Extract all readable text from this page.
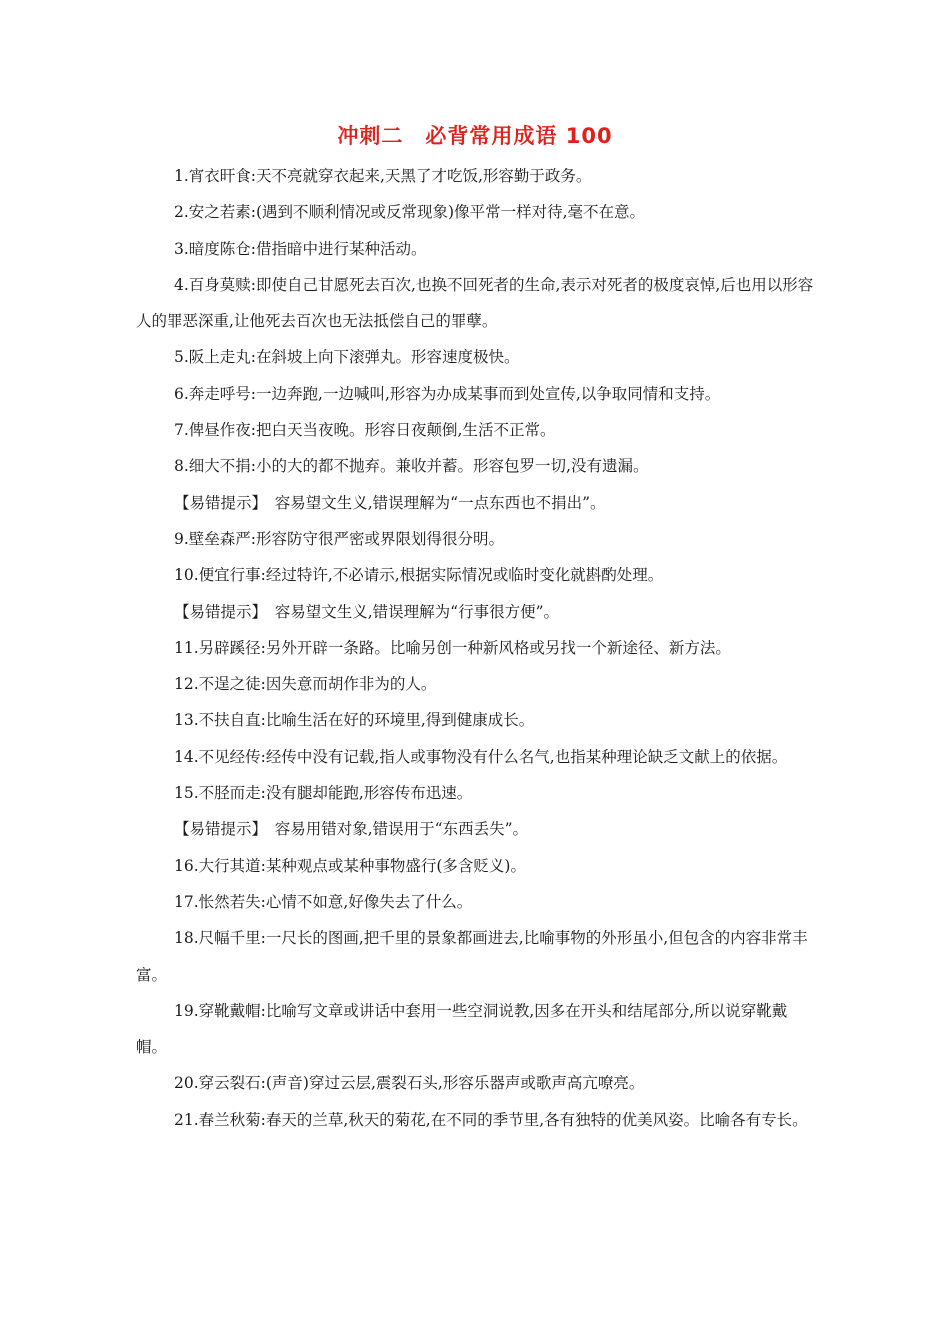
冲刺二　必背常用成语 100

1.宵衣旰食:天不亮就穿衣起来,天黑了才吃饭,形容勤于政务。

2.安之若素:(遇到不顺利情况或反常现象)像平常一样对待,毫不在意。

3.暗度陈仓:借指暗中进行某种活动。

4.百身莫赎:即使自己甘愿死去百次,也换不回死者的生命,表示对死者的极度哀悼,后也用以形容人的罪恶深重,让他死去百次也无法抵偿自己的罪孽。

5.阪上走丸:在斜坡上向下滚弹丸。形容速度极快。

6.奔走呼号:一边奔跑,一边喊叫,形容为办成某事而到处宣传,以争取同情和支持。

7.俾昼作夜:把白天当夜晚。形容日夜颠倒,生活不正常。

8.细大不捐:小的大的都不抛弃。兼收并蓄。形容包罗一切,没有遗漏。

【易错提示】　容易望文生义,错误理解为“一点东西也不捐出”。

9.壁垒森严:形容防守很严密或界限划得很分明。

10.便宜行事:经过特许,不必请示,根据实际情况或临时变化就斟酌处理。

【易错提示】　容易望文生义,错误理解为“行事很方便”。

11.另辟蹊径:另外开辟一条路。比喻另创一种新风格或另找一个新途径、新方法。

12.不逞之徒:因失意而胡作非为的人。

13.不扶自直:比喻生活在好的环境里,得到健康成长。

14.不见经传:经传中没有记载,指人或事物没有什么名气,也指某种理论缺乏文献上的依据。

15.不胫而走:没有腿却能跑,形容传布迅速。

【易错提示】　容易用错对象,错误用于“东西丢失”。

16.大行其道:某种观点或某种事物盛行(多含贬义)。

17.怅然若失:心情不如意,好像失去了什么。

18.尺幅千里:一尺长的图画,把千里的景象都画进去,比喻事物的外形虽小,但包含的内容非常丰富。

19.穿靴戴帽:比喻写文章或讲话中套用一些空洞说教,因多在开头和结尾部分,所以说穿靴戴帽。

20.穿云裂石:(声音)穿过云层,震裂石头,形容乐器声或歌声高亢嘹亮。

21.春兰秋菊:春天的兰草,秋天的菊花,在不同的季节里,各有独特的优美风姿。比喻各有专长。
